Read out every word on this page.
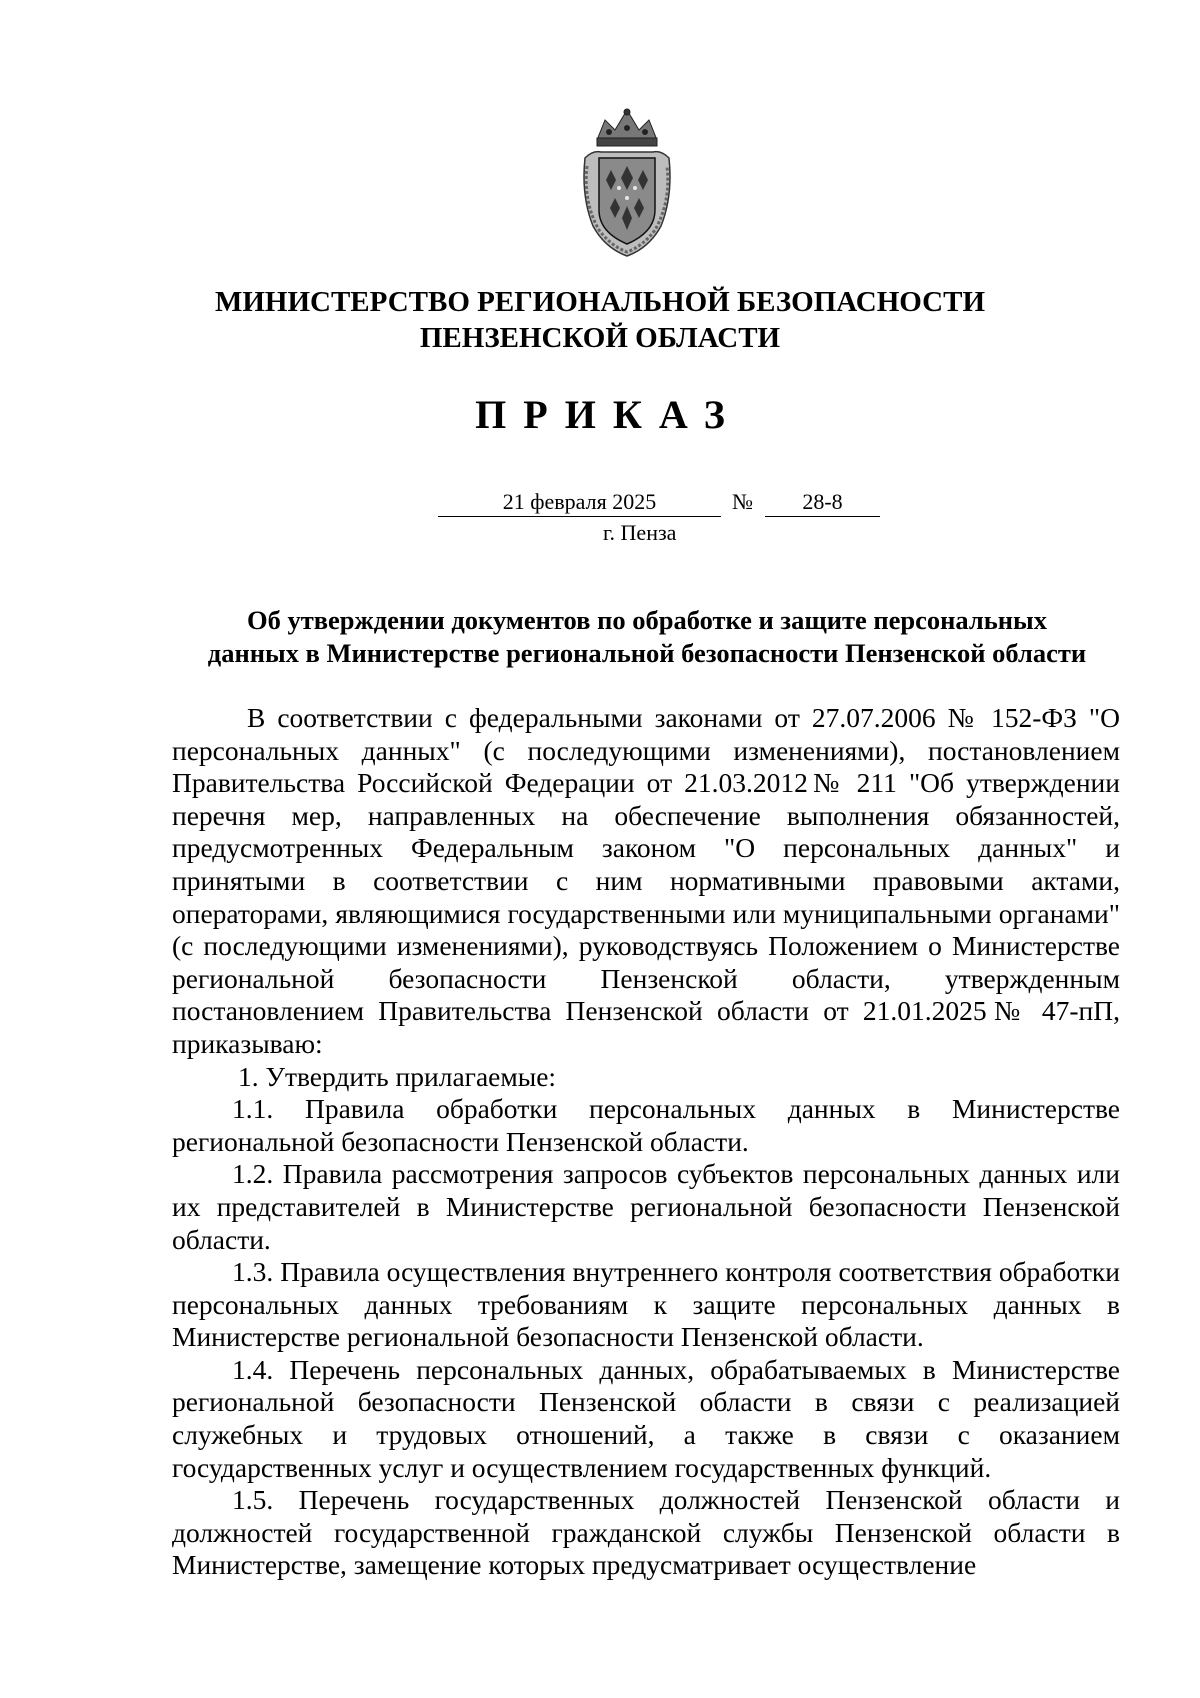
МИНИСТЕРСТВО РЕГИОНАЛЬНОЙ БЕЗОПАСНОСТИ
ПЕНЗЕНСКОЙ ОБЛАСТИ
ПРИКАЗ
21 февраля 2025	№	28-8
г. Пенза
Об утверждении документов по обработке и защите персональных
данных в Министерстве региональной безопасности Пензенской области

В соответствии с федеральными законами от 27.07.2006 № 152-ФЗ "О персональных данных" (с последующими изменениями), постановлением Правительства Российской Федерации от 21.03.2012№ 211 "Об утверждении перечня мер, направленных на обеспечение выполнения обязанностей, предусмотренных Федеральным законом "О персональных данных" и принятыми в соответствии с ним нормативными правовыми актами, операторами, являющимися государственными или муниципальными органами" (с последующими изменениями), руководствуясь Положением о Министерстве региональной безопасности Пензенской области, утвержденным постановлением Правительства Пензенской области от 21.01.2025№ 47-пП, приказываю:

1. Утвердить прилагаемые:

1.1. Правила обработки персональных данных в Министерстве региональной безопасности Пензенской области.

1.2. Правила рассмотрения запросов субъектов персональных данных или их представителей в Министерстве региональной безопасности Пензенской области.

1.3. Правила осуществления внутреннего контроля соответствия обработки персональных данных требованиям к защите персональных данных в Министерстве региональной безопасности Пензенской области.

1.4. Перечень персональных данных, обрабатываемых в Министерстве региональной безопасности Пензенской области в связи с реализацией служебных и трудовых отношений, а также в связи с оказанием государственных услуг и осуществлением государственных функций.

1.5. Перечень государственных должностей Пензенской области и должностей государственной гражданской службы Пензенской области в Министерстве, замещение которых предусматривает осуществление
